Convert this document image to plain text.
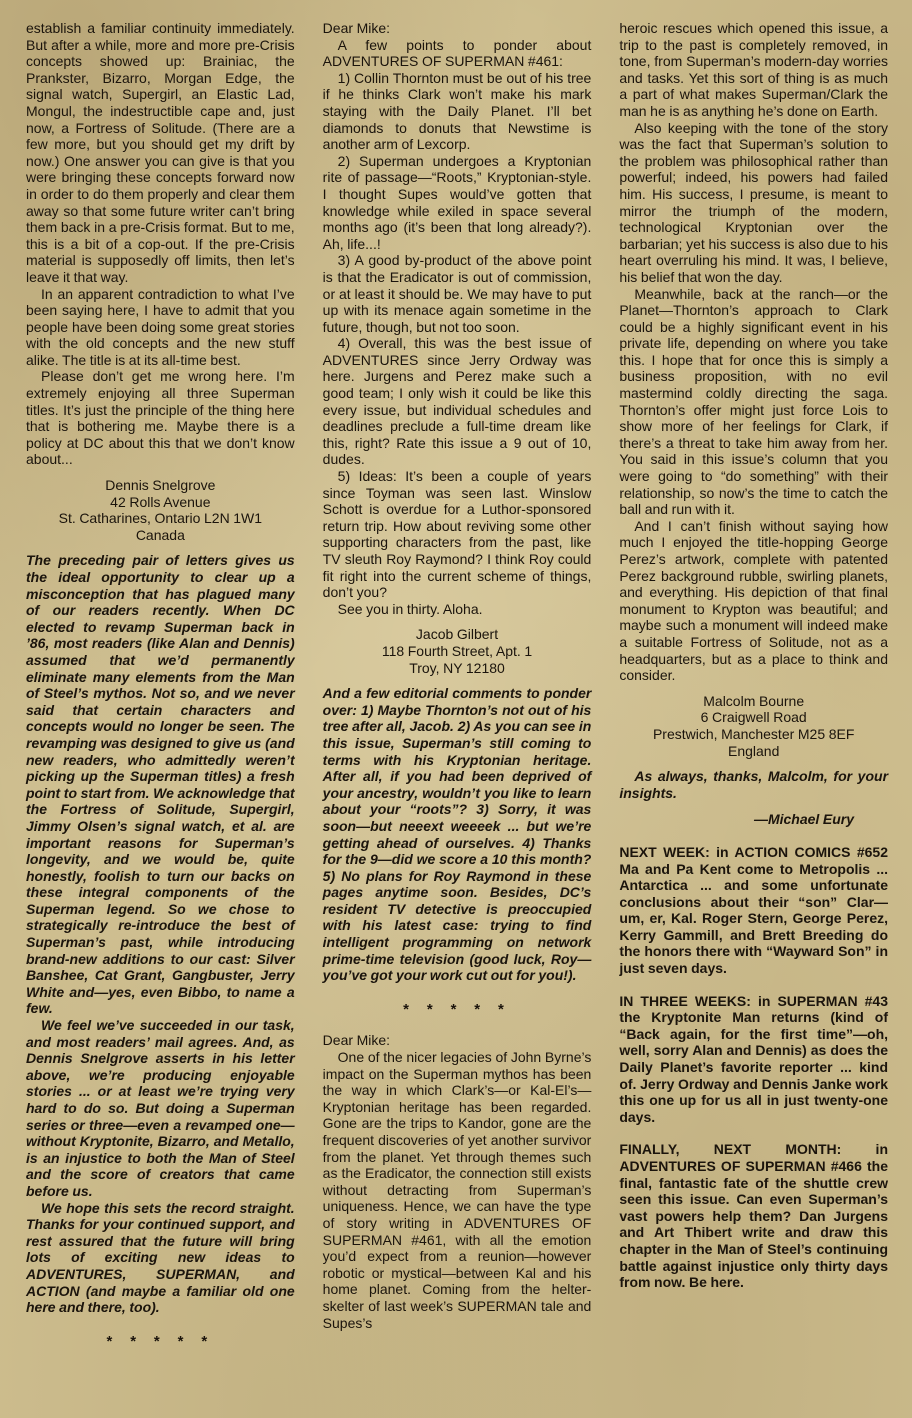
establish a familiar continuity immediately. But after a while, more and more pre-Crisis concepts showed up: Brainiac, the Prankster, Bizarro, Morgan Edge, the signal watch, Supergirl, an Elastic Lad, Mongul, the indestructible cape and, just now, a Fortress of Solitude. (There are a few more, but you should get my drift by now.) One answer you can give is that you were bringing these concepts forward now in order to do them properly and clear them away so that some future writer can’t bring them back in a pre-Crisis format. But to me, this is a bit of a cop-out. If the pre-Crisis material is supposedly off limits, then let’s leave it that way.

In an apparent contradiction to what I’ve been saying here, I have to admit that you people have been doing some great stories with the old concepts and the new stuff alike. The title is at its all-time best.

Please don’t get me wrong here. I’m extremely enjoying all three Superman titles. It’s just the principle of the thing here that is bothering me. Maybe there is a policy at DC about this that we don’t know about...

Dennis Snelgrove
42 Rolls Avenue
St. Catharines, Ontario L2N 1W1
Canada

The preceding pair of letters gives us the ideal opportunity to clear up a misconception that has plagued many of our readers recently. When DC elected to revamp Superman back in ’86, most readers (like Alan and Dennis) assumed that we’d permanently eliminate many elements from the Man of Steel’s mythos. Not so, and we never said that certain characters and concepts would no longer be seen. The revamping was designed to give us (and new readers, who admittedly weren’t picking up the Superman titles) a fresh point to start from. We acknowledge that the Fortress of Solitude, Supergirl, Jimmy Olsen’s signal watch, et al. are important reasons for Superman’s longevity, and we would be, quite honestly, foolish to turn our backs on these integral components of the Superman legend. So we chose to strategically re-introduce the best of Superman’s past, while introducing brand-new additions to our cast: Silver Banshee, Cat Grant, Gangbuster, Jerry White and—yes, even Bibbo, to name a few.

We feel we’ve succeeded in our task, and most readers’ mail agrees. And, as Dennis Snelgrove asserts in his letter above, we’re producing enjoyable stories ... or at least we’re trying very hard to do so. But doing a Superman series or three—even a revamped one—without Kryptonite, Bizarro, and Metallo, is an injustice to both the Man of Steel and the score of creators that came before us.

We hope this sets the record straight. Thanks for your continued support, and rest assured that the future will bring lots of exciting new ideas to ADVENTURES, SUPERMAN, and ACTION (and maybe a familiar old one here and there, too).

* * * * *

Dear Mike:

A few points to ponder about ADVENTURES OF SUPERMAN #461:

1) Collin Thornton must be out of his tree if he thinks Clark won’t make his mark staying with the Daily Planet. I’ll bet diamonds to donuts that Newstime is another arm of Lexcorp.

2) Superman undergoes a Kryptonian rite of passage—“Roots,” Kryptonian-style. I thought Supes would’ve gotten that knowledge while exiled in space several months ago (it’s been that long already?). Ah, life...!

3) A good by-product of the above point is that the Eradicator is out of commission, or at least it should be. We may have to put up with its menace again sometime in the future, though, but not too soon.

4) Overall, this was the best issue of ADVENTURES since Jerry Ordway was here. Jurgens and Perez make such a good team; I only wish it could be like this every issue, but individual schedules and deadlines preclude a full-time dream like this, right? Rate this issue a 9 out of 10, dudes.

5) Ideas: It’s been a couple of years since Toyman was seen last. Winslow Schott is overdue for a Luthor-sponsored return trip. How about reviving some other supporting characters from the past, like TV sleuth Roy Raymond? I think Roy could fit right into the current scheme of things, don’t you?

See you in thirty. Aloha.

Jacob Gilbert
118 Fourth Street, Apt. 1
Troy, NY 12180

And a few editorial comments to ponder over: 1) Maybe Thornton’s not out of his tree after all, Jacob. 2) As you can see in this issue, Superman’s still coming to terms with his Kryptonian heritage. After all, if you had been deprived of your ancestry, wouldn’t you like to learn about your “roots”? 3) Sorry, it was soon—but neeext weeeek ... but we’re getting ahead of ourselves. 4) Thanks for the 9—did we score a 10 this month? 5) No plans for Roy Raymond in these pages anytime soon. Besides, DC’s resident TV detective is preoccupied with his latest case: trying to find intelligent programming on network prime-time television (good luck, Roy—you’ve got your work cut out for you!).

* * * * *

Dear Mike:

One of the nicer legacies of John Byrne’s impact on the Superman mythos has been the way in which Clark’s—or Kal-El’s—Kryptonian heritage has been regarded. Gone are the trips to Kandor, gone are the frequent discoveries of yet another survivor from the planet. Yet through themes such as the Eradicator, the connection still exists without detracting from Superman’s uniqueness. Hence, we can have the type of story writing in ADVENTURES OF SUPERMAN #461, with all the emotion you’d expect from a reunion—however robotic or mystical—between Kal and his home planet. Coming from the helter-skelter of last week’s SUPERMAN tale and Supes’s

heroic rescues which opened this issue, a trip to the past is completely removed, in tone, from Superman’s modern-day worries and tasks. Yet this sort of thing is as much a part of what makes Superman/Clark the man he is as anything he’s done on Earth.

Also keeping with the tone of the story was the fact that Superman’s solution to the problem was philosophical rather than powerful; indeed, his powers had failed him. His success, I presume, is meant to mirror the triumph of the modern, technological Kryptonian over the barbarian; yet his success is also due to his heart overruling his mind. It was, I believe, his belief that won the day.

Meanwhile, back at the ranch—or the Planet—Thornton’s approach to Clark could be a highly significant event in his private life, depending on where you take this. I hope that for once this is simply a business proposition, with no evil mastermind coldly directing the saga. Thornton’s offer might just force Lois to show more of her feelings for Clark, if there’s a threat to take him away from her. You said in this issue’s column that you were going to “do something” with their relationship, so now’s the time to catch the ball and run with it.

And I can’t finish without saying how much I enjoyed the title-hopping George Perez’s artwork, complete with patented Perez background rubble, swirling planets, and everything. His depiction of that final monument to Krypton was beautiful; and maybe such a monument will indeed make a suitable Fortress of Solitude, not as a headquarters, but as a place to think and consider.

Malcolm Bourne
6 Craigwell Road
Prestwich, Manchester M25 8EF
England

As always, thanks, Malcolm, for your insights.

—Michael Eury

NEXT WEEK: in ACTION COMICS #652 Ma and Pa Kent come to Metropolis ... Antarctica ... and some unfortunate conclusions about their “son” Clar—um, er, Kal. Roger Stern, George Perez, Kerry Gammill, and Brett Breeding do the honors there with “Wayward Son” in just seven days.

IN THREE WEEKS: in SUPERMAN #43 the Kryptonite Man returns (kind of “Back again, for the first time”—oh, well, sorry Alan and Dennis) as does the Daily Planet’s favorite reporter ... kind of. Jerry Ordway and Dennis Janke work this one up for us all in just twenty-one days.

FINALLY, NEXT MONTH: in ADVENTURES OF SUPERMAN #466 the final, fantastic fate of the shuttle crew seen this issue. Can even Superman’s vast powers help them? Dan Jurgens and Art Thibert write and draw this chapter in the Man of Steel’s continuing battle against injustice only thirty days from now. Be here.
